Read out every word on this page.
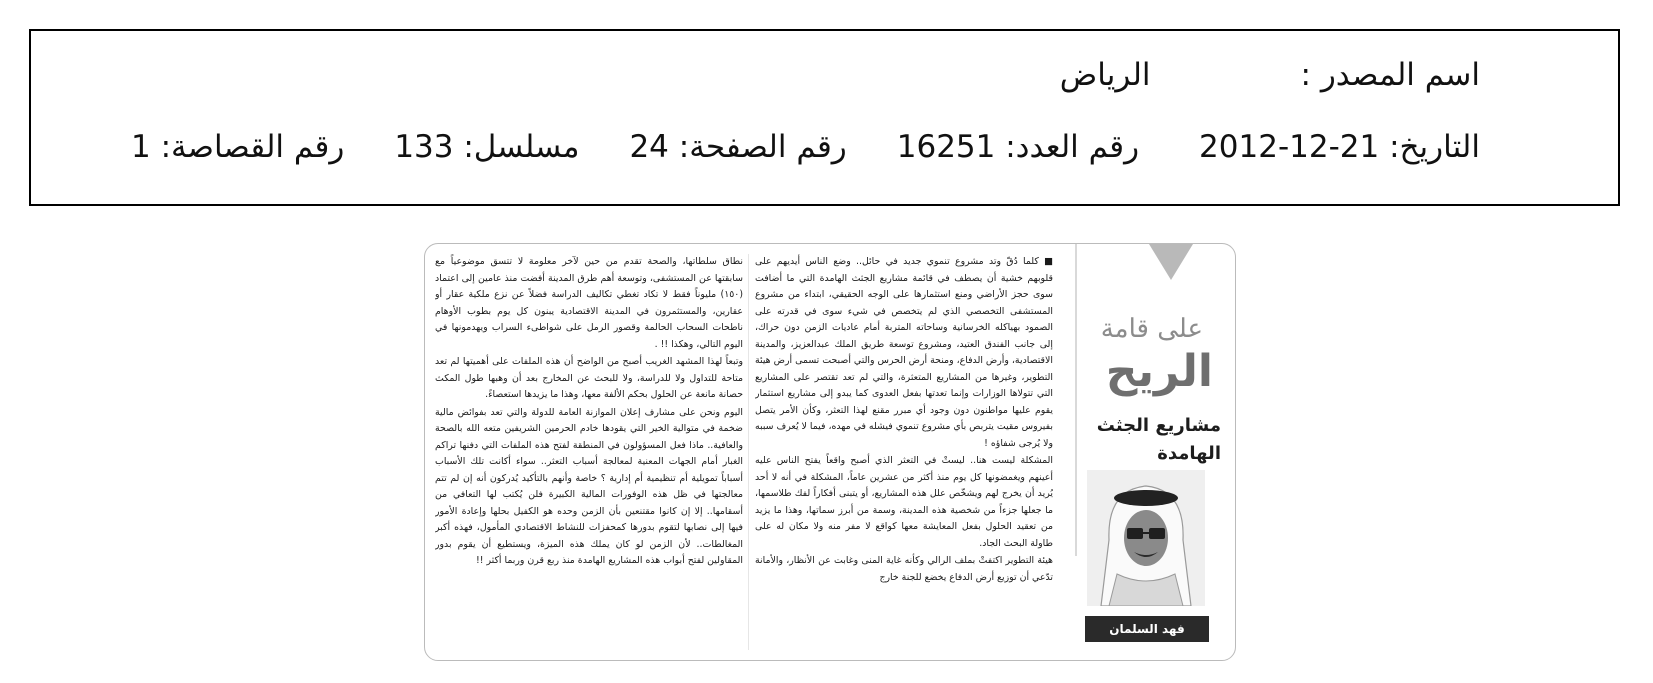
اسم المصدر :الرياض
التاريخ: 2012-12-21رقم العدد: 16251رقم الصفحة: 24مسلسل: 133رقم القصاصة: 1

نطاق سلطاتها، والصحة تقدم من حين لآخر معلومة لا تتسق موضوعياً مع سابقتها عن المستشفى، وتوسعة أهم طرق المدينة أفضت منذ عامين إلى اعتماد (١٥٠) مليوناً فقط لا تكاد تغطي تكاليف الدراسة فضلاً عن نزع ملكية عقار أو عقارين، والمستثمرون في المدينة الاقتصادية يبنون كل يوم بطوب الأوهام ناطحات السحاب الحالمة وقصور الرمل على شواطىء السراب ويهدمونها في اليوم التالي، وهكذا !! .

وتبعاً لهذا المشهد الغريب أصبح من الواضح أن هذه الملفات على أهميتها لم تعد متاحة للتداول ولا للدراسة، ولا للبحث عن المخارج بعد أن وهبها طول المكث حصانة مانعة عن الحلول بحكم الألفة معها، وهذا ما يزيدها استعصاءً.

اليوم ونحن على مشارف إعلان الموازنة العامة للدولة والتي تعد بفوائض مالية ضخمة في متوالية الخير التي يقودها خادم الحرمين الشريفين متعه الله بالصحة والعافية.. ماذا فعل المسؤولون في المنطقة لفتح هذه الملفات التي دفنها تراكم الغبار أمام الجهات المعنية لمعالجة أسباب التعثر.. سواء أكانت تلك الأسباب أسباباً تمويلية أم تنظيمية أم إدارية ؟ خاصة وأنهم بالتأكيد يُدركون أنه إن لم تتم معالجتها في ظل هذه الوفورات المالية الكبيرة فلن يُكتب لها التعافي من أسقامها.. إلا إن كانوا مقتنعين بأن الزمن وحده هو الكفيل بحلها وإعادة الأمور فيها إلى نصابها لتقوم بدورها كمحفزات للنشاط الاقتصادي المأمول، فهذه أكبر المغالطات.. لأن الزمن لو كان يملك هذه الميزة، ويستطيع أن يقوم بدور المقاولين لفتح أبواب هذه المشاريع الهامدة منذ ربع قرن وربما أكثر !!

■ كلما دُقّ وتد مشروع تنموي جديد في حائل.. وضع الناس أيديهم على قلوبهم خشية أن يصطف في قائمة مشاريع الجثث الهامدة التي ما أضافت سوى حجز الأراضي ومنع استثمارها على الوجه الحقيقي، ابتداء من مشروع المستشفى التخصصي الذي لم يتخصص في شيء سوى في قدرته على الصمود بهياكله الخرسانية وساحاته المتربة أمام عاديات الزمن دون حراك، إلى جانب الفندق العتيد، ومشروع توسعة طريق الملك عبدالعزيز، والمدينة الاقتصادية، وأرض الدفاع، ومنحة أرض الحرس والتي أصبحت تسمى أرض هيئة التطوير، وغيرها من المشاريع المتعثرة، والتي لم تعد تقتصر على المشاريع التي تتولاها الوزارات وإنما تعدتها بفعل العدوى كما يبدو إلى مشاريع استثمار يقوم عليها مواطنون دون وجود أي مبرر مقنع لهذا التعثر، وكأن الأمر يتصل بفيروس مقيت يتربص بأي مشروع تنموي فيشله في مهده، فيما لا يُعرف سببه ولا يُرجى شفاؤه !

المشكلة ليست هنا.. ليستْ في التعثر الذي أصبح واقعاً يفتح الناس عليه أعينهم ويغمضونها كل يوم منذ أكثر من عشرين عاماً، المشكلة في أنه لا أحد يُريد أن يخرج لهم ويشخّص علل هذه المشاريع، أو يتبنى أفكاراً لفك طلاسمها، ما جعلها جزءاً من شخصية هذه المدينة، وسمة من أبرز سماتها، وهذا ما يزيد من تعقيد الحلول بفعل المعايشة معها كواقع لا مفر منه ولا مكان له على طاولة البحث الجاد.

هيئة التطوير اكتفتْ بملف الرالي وكأنه غاية المنى وغابت عن الأنظار، والأمانة تدّعي أن توزيع أرض الدفاع يخضع للجنة خارج

على قامة
الريح
مشاريع الجثث الهامدة
فهد السلمان
